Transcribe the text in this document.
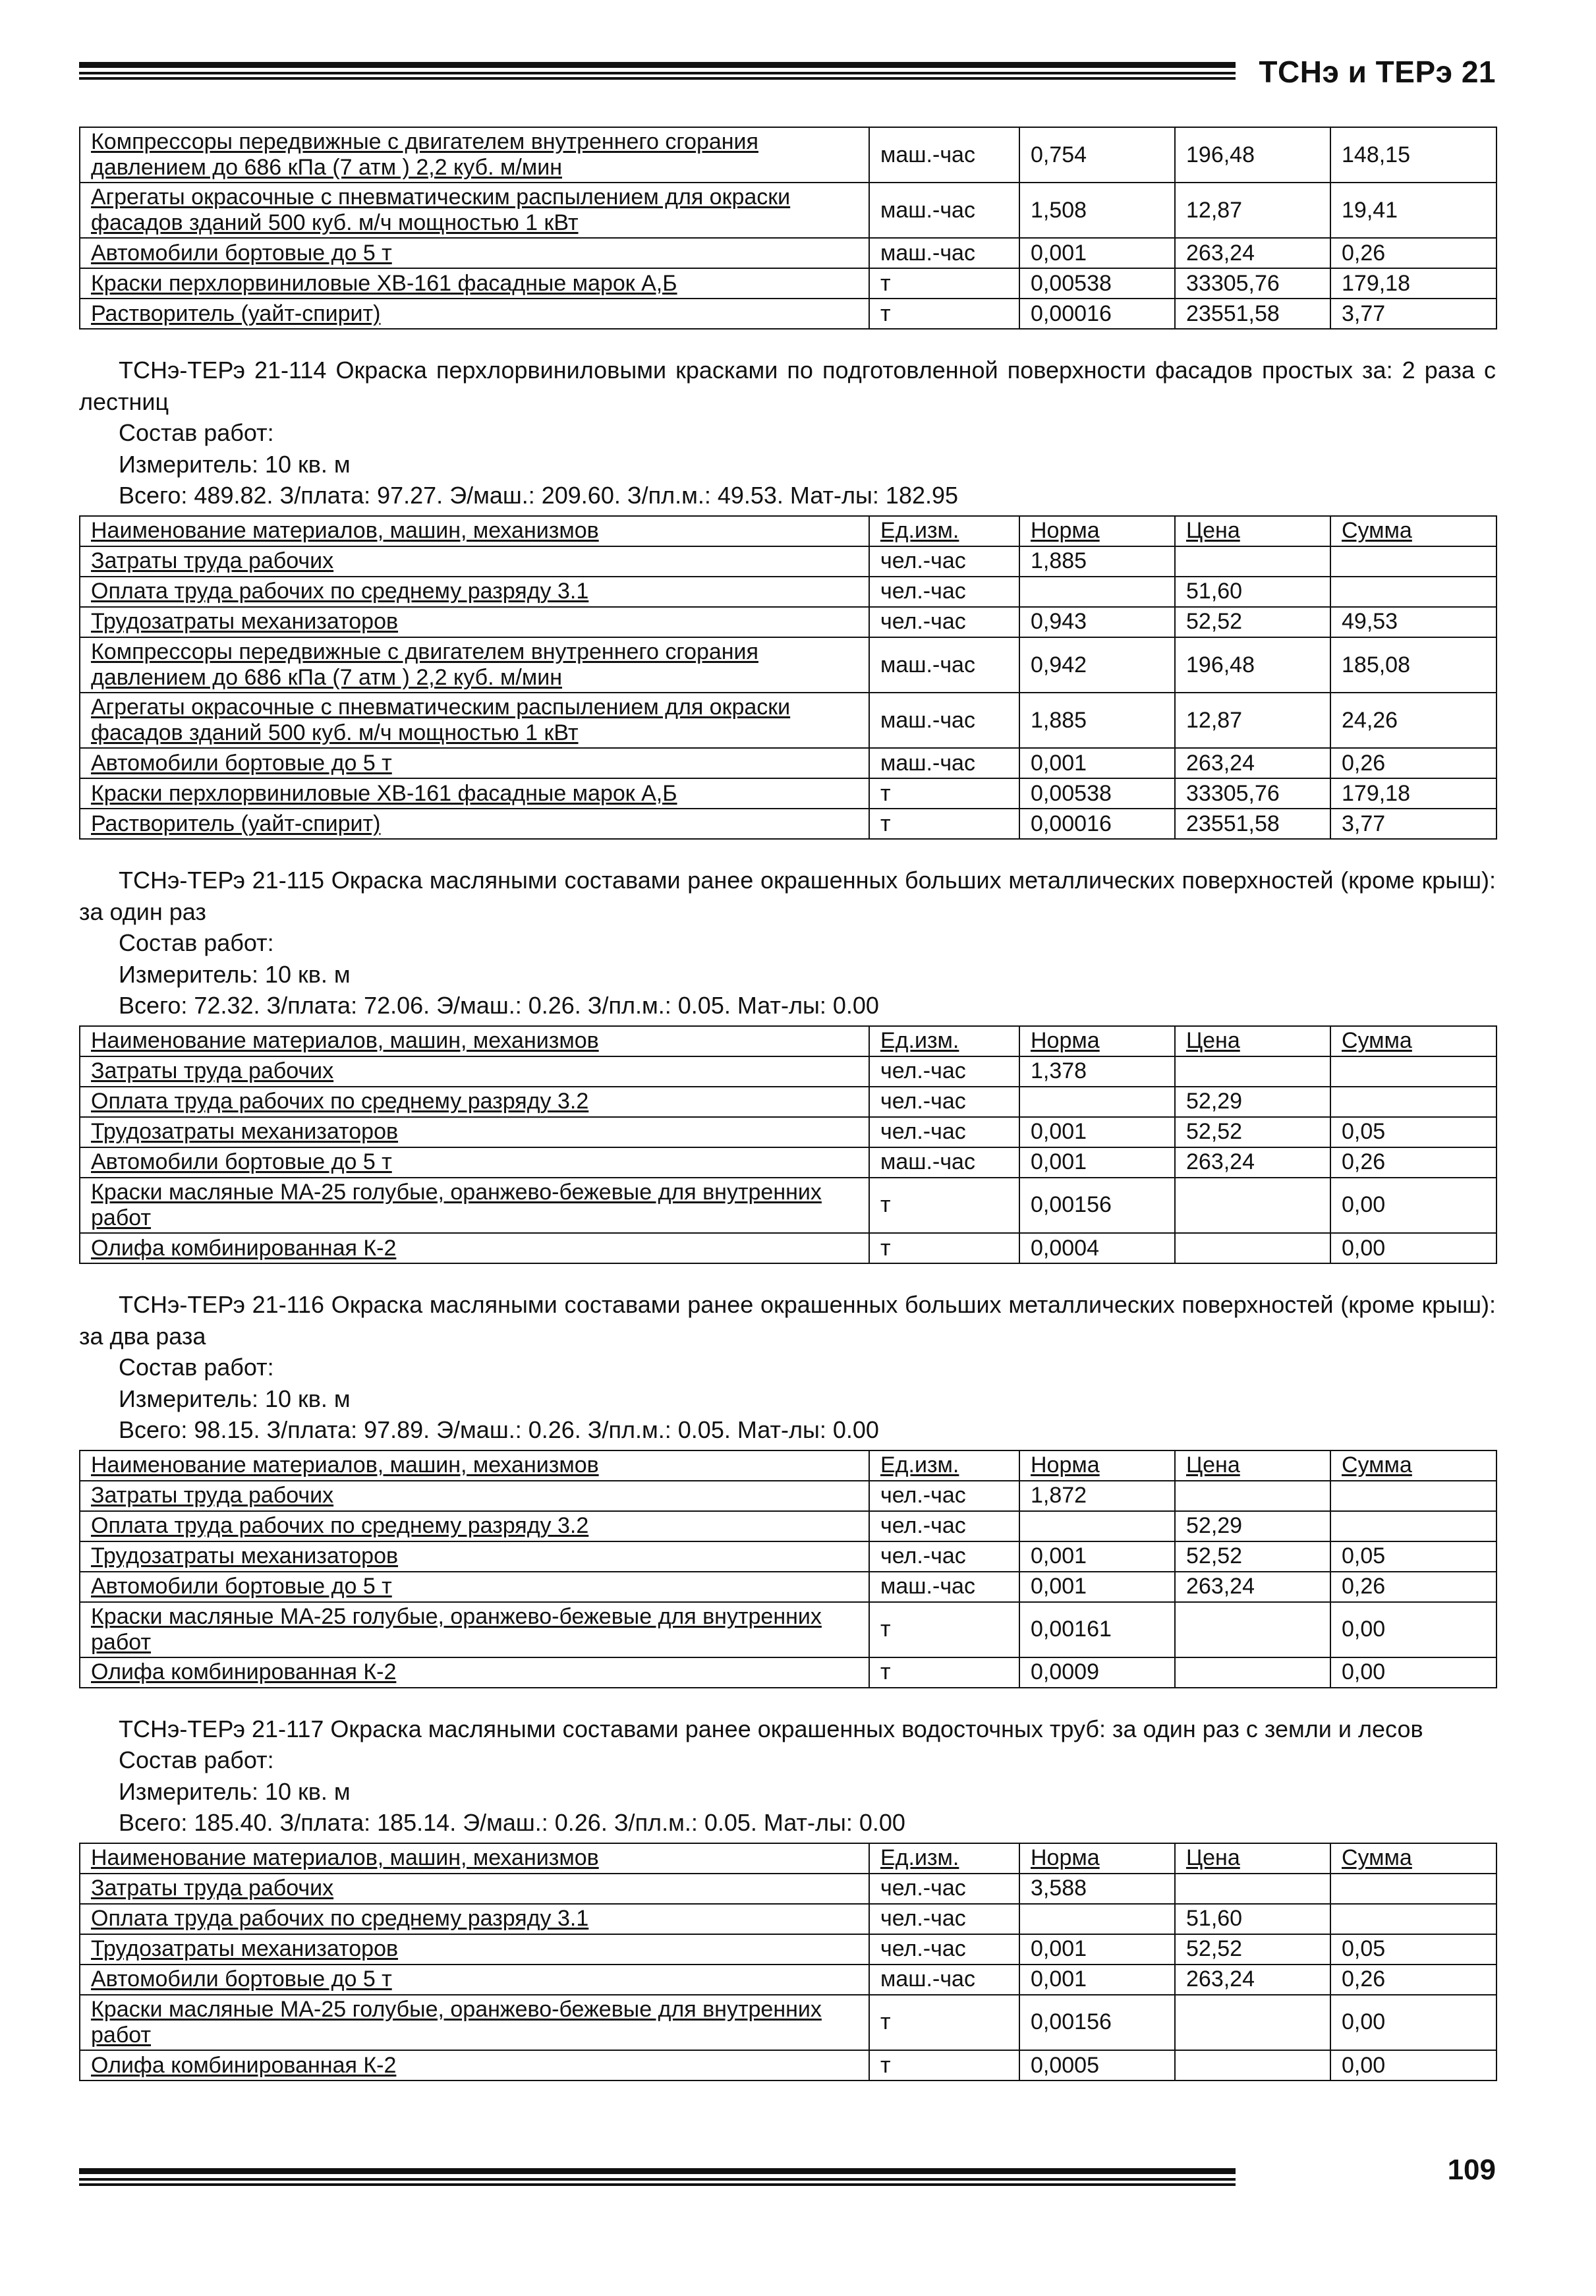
ТСНэ и ТЕРэ 21
Компрессоры передвижные с двигателем внутреннего сгорания давлением до 686 кПа (7 атм ) 2,2 куб. м/мин	маш.-час	0,754	196,48	148,15
Агрегаты окрасочные с пневматическим распылением для окраски фасадов зданий 500 куб. м/ч мощностью 1 кВт	маш.-час	1,508	12,87	19,41
Автомобили бортовые до 5 т	маш.-час	0,001	263,24	0,26
Краски перхлорвиниловые ХВ-161 фасадные марок А,Б	т	0,00538	33305,76	179,18
Растворитель (уайт-спирит)	т	0,00016	23551,58	3,77
ТСНэ-ТЕРэ 21-114 Окраска перхлорвиниловыми красками по подготовленной поверхности фасадов простых за: 2 раза с лестниц
Состав работ:
Измеритель: 10 кв. м
Всего: 489.82. З/плата: 97.27. Э/маш.: 209.60. З/пл.м.: 49.53. Мат-лы: 182.95
Наименование материалов, машин, механизмов	Ед.изм.	Норма	Цена	Сумма
Затраты труда рабочих	чел.-час	1,885		
Оплата труда рабочих по среднему разряду 3.1	чел.-час		51,60	
Трудозатраты механизаторов	чел.-час	0,943	52,52	49,53
Компрессоры передвижные с двигателем внутреннего сгорания давлением до 686 кПа (7 атм ) 2,2 куб. м/мин	маш.-час	0,942	196,48	185,08
Агрегаты окрасочные с пневматическим распылением для окраски фасадов зданий 500 куб. м/ч мощностью 1 кВт	маш.-час	1,885	12,87	24,26
Автомобили бортовые до 5 т	маш.-час	0,001	263,24	0,26
Краски перхлорвиниловые ХВ-161 фасадные марок А,Б	т	0,00538	33305,76	179,18
Растворитель (уайт-спирит)	т	0,00016	23551,58	3,77
ТСНэ-ТЕРэ 21-115 Окраска масляными составами ранее окрашенных больших металлических поверхностей (кроме крыш): за один раз
Состав работ:
Измеритель: 10 кв. м
Всего: 72.32. З/плата: 72.06. Э/маш.: 0.26. З/пл.м.: 0.05. Мат-лы: 0.00
Наименование материалов, машин, механизмов	Ед.изм.	Норма	Цена	Сумма
Затраты труда рабочих	чел.-час	1,378		
Оплата труда рабочих по среднему разряду 3.2	чел.-час		52,29	
Трудозатраты механизаторов	чел.-час	0,001	52,52	0,05
Автомобили бортовые до 5 т	маш.-час	0,001	263,24	0,26
Краски масляные МА-25 голубые, оранжево-бежевые для внутренних работ	т	0,00156		0,00
Олифа комбинированная К-2	т	0,0004		0,00
ТСНэ-ТЕРэ 21-116 Окраска масляными составами ранее окрашенных больших металлических поверхностей (кроме крыш): за два раза
Состав работ:
Измеритель: 10 кв. м
Всего: 98.15. З/плата: 97.89. Э/маш.: 0.26. З/пл.м.: 0.05. Мат-лы: 0.00
Наименование материалов, машин, механизмов	Ед.изм.	Норма	Цена	Сумма
Затраты труда рабочих	чел.-час	1,872		
Оплата труда рабочих по среднему разряду 3.2	чел.-час		52,29	
Трудозатраты механизаторов	чел.-час	0,001	52,52	0,05
Автомобили бортовые до 5 т	маш.-час	0,001	263,24	0,26
Краски масляные МА-25 голубые, оранжево-бежевые для внутренних работ	т	0,00161		0,00
Олифа комбинированная К-2	т	0,0009		0,00
ТСНэ-ТЕРэ 21-117 Окраска масляными составами ранее окрашенных водосточных труб: за один раз с земли и лесов
Состав работ:
Измеритель: 10 кв. м
Всего: 185.40. З/плата: 185.14. Э/маш.: 0.26. З/пл.м.: 0.05. Мат-лы: 0.00
Наименование материалов, машин, механизмов	Ед.изм.	Норма	Цена	Сумма
Затраты труда рабочих	чел.-час	3,588		
Оплата труда рабочих по среднему разряду 3.1	чел.-час		51,60	
Трудозатраты механизаторов	чел.-час	0,001	52,52	0,05
Автомобили бортовые до 5 т	маш.-час	0,001	263,24	0,26
Краски масляные МА-25 голубые, оранжево-бежевые для внутренних работ	т	0,00156		0,00
Олифа комбинированная К-2	т	0,0005		0,00
109
